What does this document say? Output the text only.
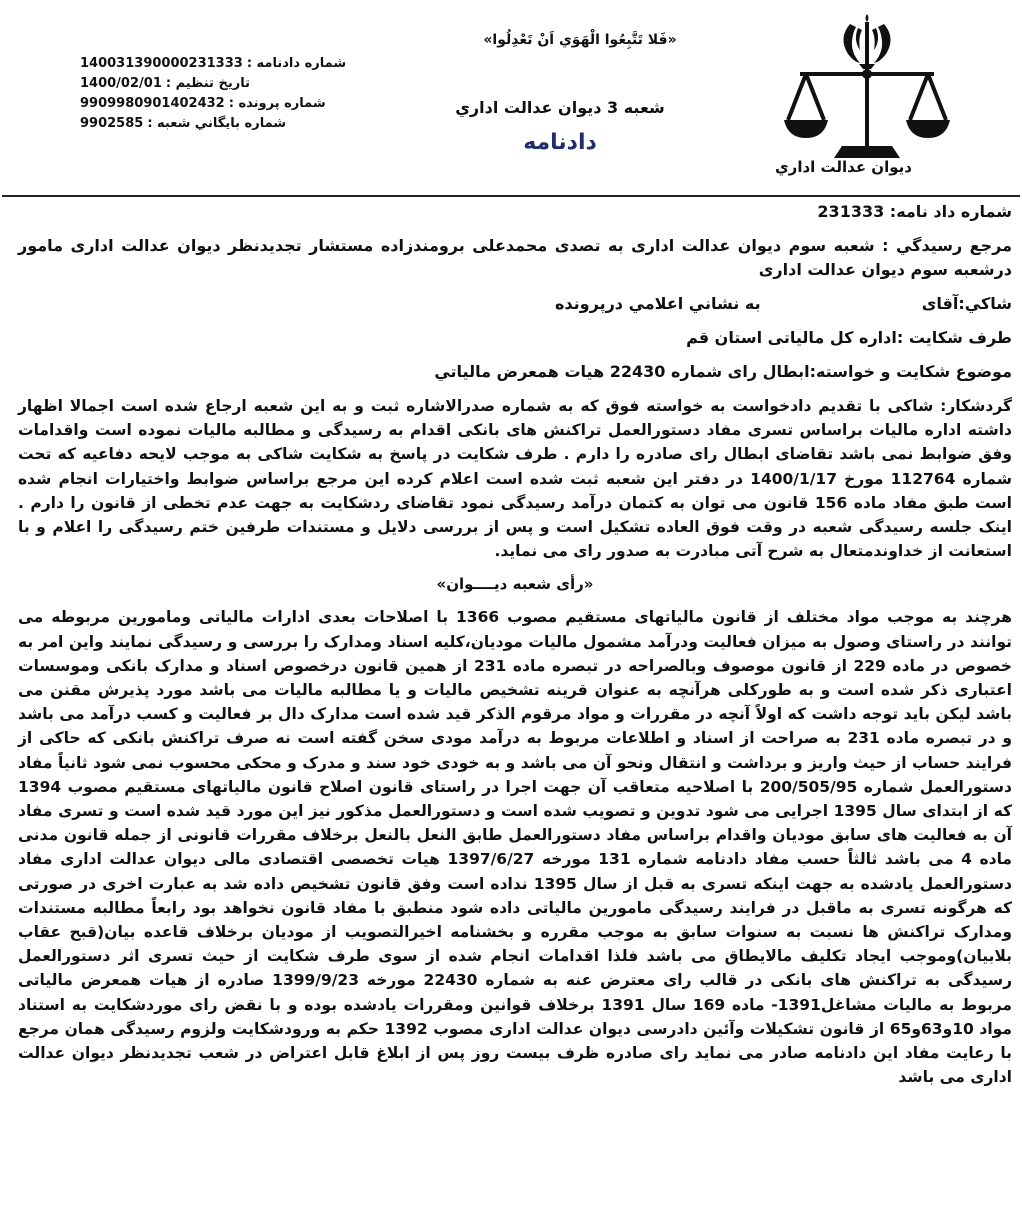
ديوان عدالت اداري
«فَلا تَتَّبِعُوا الْهَوَي اَنْ تَعْدِلُوا»
شعبه 3 ديوان عدالت اداري
دادنامه
شماره دادنامه :
140031390000231333
تاريخ تنظيم :
1400/02/01
شماره پرونده :
9909980901402432
شماره بايگاني شعبه :
9902585
شماره داد نامه: 231333
مرجع رسيدگي : شعبه سوم ديوان عدالت اداری به تصدی محمدعلی برومندزاده مستشار تجديدنظر ديوان عدالت اداری مامور درشعبه سوم ديوان عدالت اداری
شاكي:آقای  به نشاني اعلامي درپرونده
طرف شكايت :اداره کل مالیاتی استان قم
موضوع شكايت و خواسته:ابطال رای شماره 22430 هيات همعرض مالياتي
گردشکار: شاکی با تقدیم دادخواست به خواسته فوق که به شماره صدرالاشاره ثبت و به این شعبه ارجاع شده است اجمالا اظهار داشته اداره مالیات براساس تسری مفاد دستورالعمل تراکنش های بانکی اقدام به رسیدگی و مطالبه مالیات نموده است واقدامات وفق ضوابط نمی باشد تقاضای ابطال رای صادره را دارم . طرف شکایت در پاسخ به شکایت شاکی به موجب لایحه دفاعیه که تحت شماره 112764 مورخ 1400/1/17 در دفتر این شعبه ثبت شده است اعلام کرده این مرجع براساس ضوابط واختیارات انجام شده است طبق مفاد ماده 156 قانون می توان به کتمان درآمد رسیدگی نمود تقاضای ردشکایت به جهت عدم تخطی از قانون را دارم . اینک جلسه رسیدگی شعبه در وقت فوق العاده تشکیل است و پس از بررسی دلایل و مستندات طرفین ختم رسیدگی را اعلام و با استعانت از خداوندمتعال به شرح آتی مبادرت به صدور رای می نماید.
«رأی شعبه ديــــوان»
هرچند به موجب مواد مختلف از قانون مالیاتهای مستقیم مصوب 1366 با اصلاحات بعدی ادارات مالیاتی ومامورین مربوطه می توانند در راستای وصول به میزان فعالیت ودرآمد مشمول مالیات مودیان،کلیه اسناد ومدارک را بررسی و رسیدگی نمایند واین امر به خصوص در ماده 229 از قانون موصوف وبالصراحه در تبصره ماده 231 از همین قانون درخصوص اسناد و مدارک بانکی وموسسات اعتباری ذکر شده است و به طورکلی هرآنچه به عنوان قرینه تشخیص مالیات و یا مطالبه مالیات می باشد مورد پذیرش مقنن می باشد لیکن باید توجه داشت که اولاً آنچه در مقررات و مواد مرقوم الذکر قید شده است مدارک دال بر فعالیت و کسب درآمد می باشد و در تبصره ماده 231 به صراحت از اسناد و اطلاعات مربوط به درآمد مودی سخن گفته است نه صرف تراکنش بانکی که حاکی از فرایند حساب از حیث واریز و برداشت و انتقال ونحو آن می باشد و به خودی خود سند و مدرک و محکی محسوب نمی شود ثانیاً مفاد دستورالعمل شماره 200/505/95 با اصلاحیه متعاقب آن جهت اجرا در راستای قانون اصلاح قانون مالیاتهای مستقیم مصوب 1394 که از ابتدای سال 1395 اجرایی می شود تدوین و تصویب شده است و دستورالعمل مذکور نیز این مورد قید شده است و تسری مفاد آن به فعالیت های سابق مودیان واقدام براساس مفاد دستورالعمل طابق النعل بالنعل برخلاف مقررات قانونی از جمله قانون مدنی ماده 4 می باشد ثالثاً حسب مفاد دادنامه شماره 131 مورخه 1397/6/27 هیات تخصصی اقتصادی مالی دیوان عدالت اداری مفاد دستورالعمل یادشده به جهت اینکه تسری به قبل از سال 1395 نداده است وفق قانون تشخیص داده شد به عبارت اخری در صورتی که هرگونه تسری به ماقبل در فرایند رسیدگی مامورین مالیاتی داده شود منطبق با مفاد قانون نخواهد بود رابعاً مطالبه مستندات ومدارک تراکنش ها نسبت به سنوات سابق به موجب مقرره و بخشنامه اخیرالتصویب از مودیان برخلاف قاعده بیان(قبح عقاب بلابیان)وموجب ایجاد تکلیف مالایطاق می باشد فلذا اقدامات انجام شده از سوی طرف شکایت از حیث تسری اثر دستورالعمل رسیدگی به تراکنش های بانکی در قالب رای معترض عنه به شماره 22430 مورخه 1399/9/23 صادره از هیات همعرض مالیاتی مربوط به مالیات مشاغل1391- ماده 169 سال 1391 برخلاف قوانین ومقررات یادشده بوده و با نقض رای موردشکایت به استناد مواد 10و63و65 از قانون تشکیلات وآئین دادرسی دیوان عدالت اداری مصوب 1392 حکم به ورودشکایت ولزوم رسیدگی همان مرجع با رعایت مفاد این دادنامه صادر می نماید رای صادره ظرف بیست روز پس از ابلاغ قابل اعتراض در شعب تجدیدنظر دیوان عدالت اداری می باشد
